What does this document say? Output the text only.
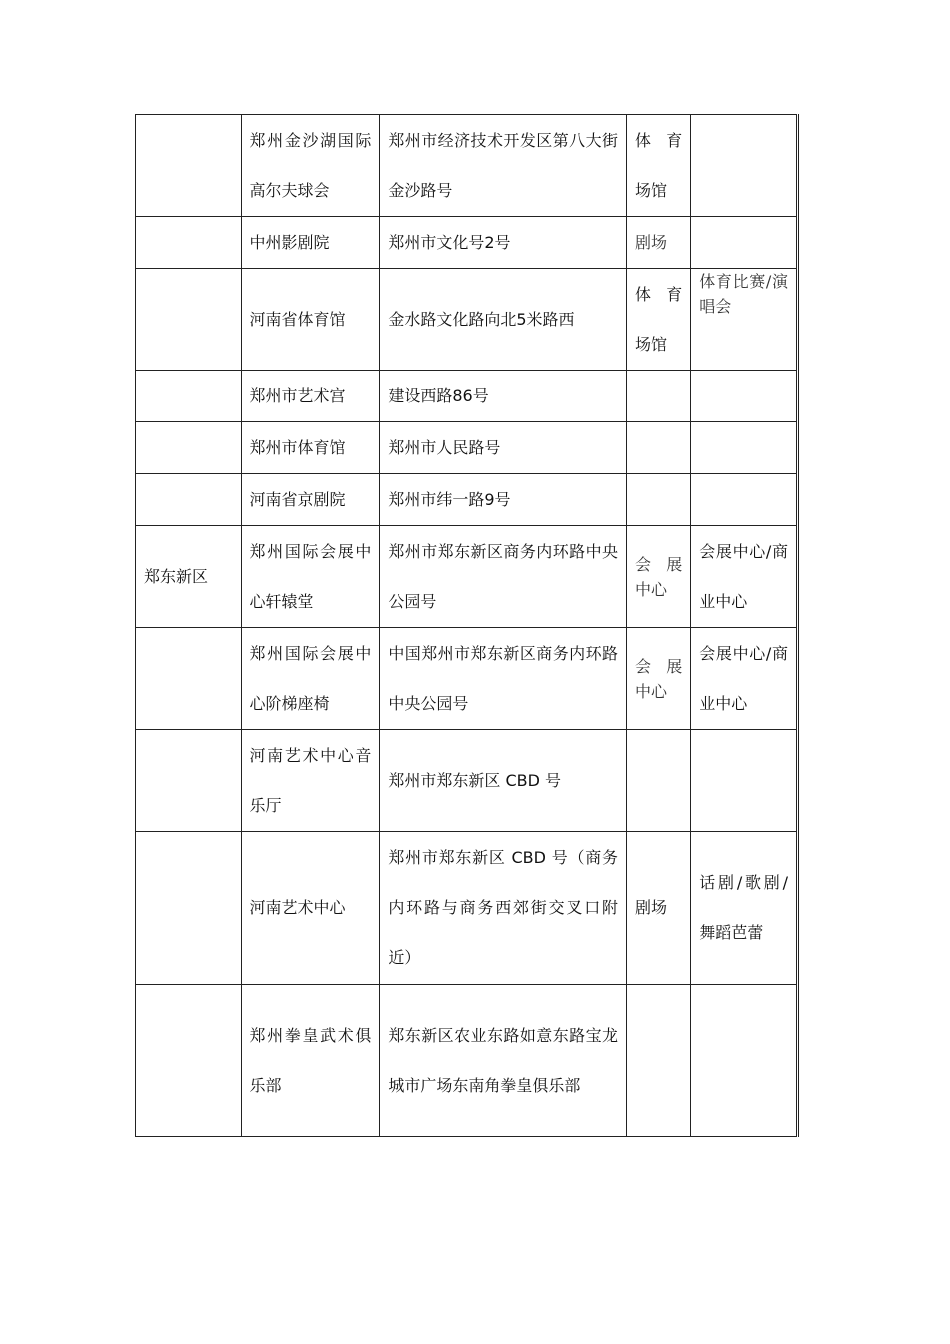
	郑州金沙湖国际高尔夫球会	郑州市经济技术开发区第八大街金沙路号	体育场馆	

	中州影剧院	郑州市文化号2号	剧场	

	河南省体育馆	金水路文化路向北5米路西	体育场馆	体育比赛/演唱会

	郑州市艺术宫	建设西路86号		

	郑州市体育馆	郑州市人民路号		

	河南省京剧院	郑州市纬一路9号		

郑东新区	郑州国际会展中心轩辕堂	郑州市郑东新区商务内环路中央公园号	会展中心	会展中心/商业中心

	郑州国际会展中心阶梯座椅	中国郑州市郑东新区商务内环路中央公园号	会展中心	会展中心/商业中心

	河南艺术中心音乐厅	郑州市郑东新区 CBD 号		

	河南艺术中心	郑州市郑东新区 CBD 号（商务内环路与商务西郊街交叉口附近）	剧场	话剧/歌剧/舞蹈芭蕾

	郑州拳皇武术俱乐部	郑东新区农业东路如意东路宝龙城市广场东南角拳皇俱乐部		
